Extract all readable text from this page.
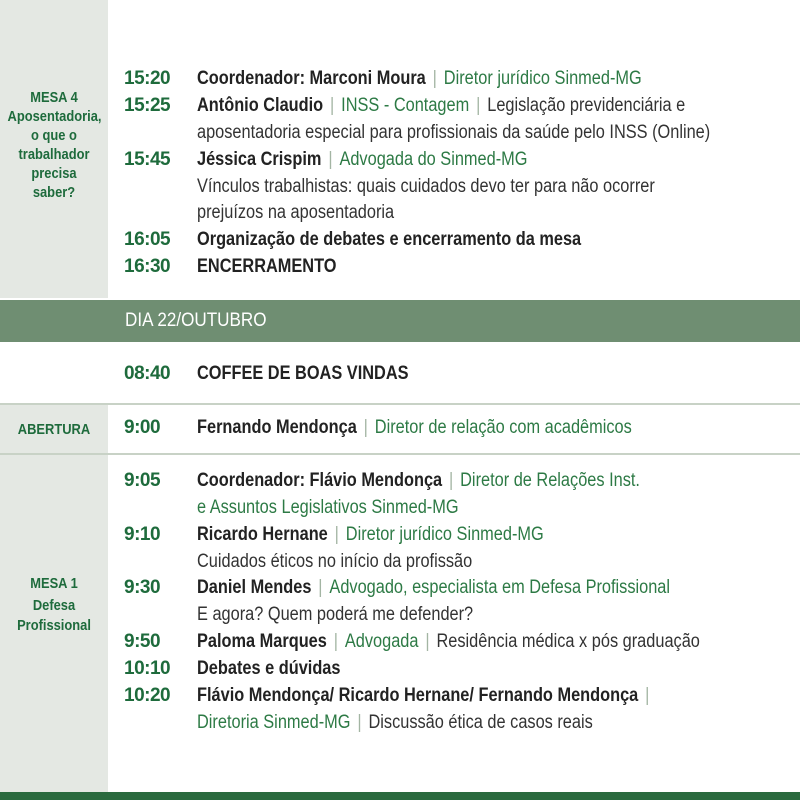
MESA 4
Aposentadoria,
o que o
trabalhador
precisa
saber?
15:20 Coordenador: Marconi Moura | Diretor jurídico Sinmed-MG
15:25 Antônio Claudio | INSS - Contagem | Legislação previdenciária e
aposentadoria especial para profissionais da saúde pelo INSS (Online)
15:45 Jéssica Crispim | Advogada do Sinmed-MG
Vínculos trabalhistas: quais cuidados devo ter para não ocorrer
prejuízos na aposentadoria
16:05 Organização de debates e encerramento da mesa
16:30 ENCERRAMENTO
DIA 22/OUTUBRO
08:40 COFFEE DE BOAS VINDAS
ABERTURA	9:00 Fernando Mendonça | Diretor de relação com acadêmicos
MESA 1
Defesa
Profissional
9:05 Coordenador: Flávio Mendonça | Diretor de Relações Inst.
e Assuntos Legislativos Sinmed-MG
9:10 Ricardo Hernane | Diretor jurídico Sinmed-MG
Cuidados éticos no início da profissão
9:30 Daniel Mendes | Advogado, especialista em Defesa Profissional
E agora? Quem poderá me defender?
9:50 Paloma Marques | Advogada | Residência médica x pós graduação
10:10 Debates e dúvidas
10:20 Flávio Mendonça/ Ricardo Hernane/ Fernando Mendonça |
Diretoria Sinmed-MG | Discussão ética de casos reais
